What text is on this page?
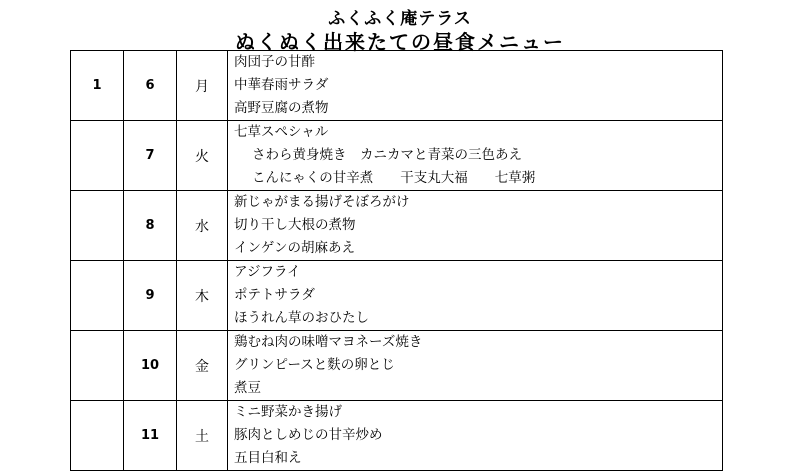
ふくふく庵テラス
ぬくぬく出来たての昼食メニュー
1	6	月	肉団子の甘酢
中華春雨サラダ
高野豆腐の煮物

	7	火	七草スペシャル
さわら黄身焼き　カニカマと青菜の三色あえ
こんにゃくの甘辛煮　　干支丸大福　　七草粥

	8	水	新じゃがまる揚げそぼろがけ
切り干し大根の煮物
インゲンの胡麻あえ

	9	木	アジフライ
ポテトサラダ
ほうれん草のおひたし

	10	金	鶏むね肉の味噌マヨネーズ焼き
グリンピースと麩の卵とじ
煮豆

	11	土	ミニ野菜かき揚げ
豚肉としめじの甘辛炒め
五目白和え
